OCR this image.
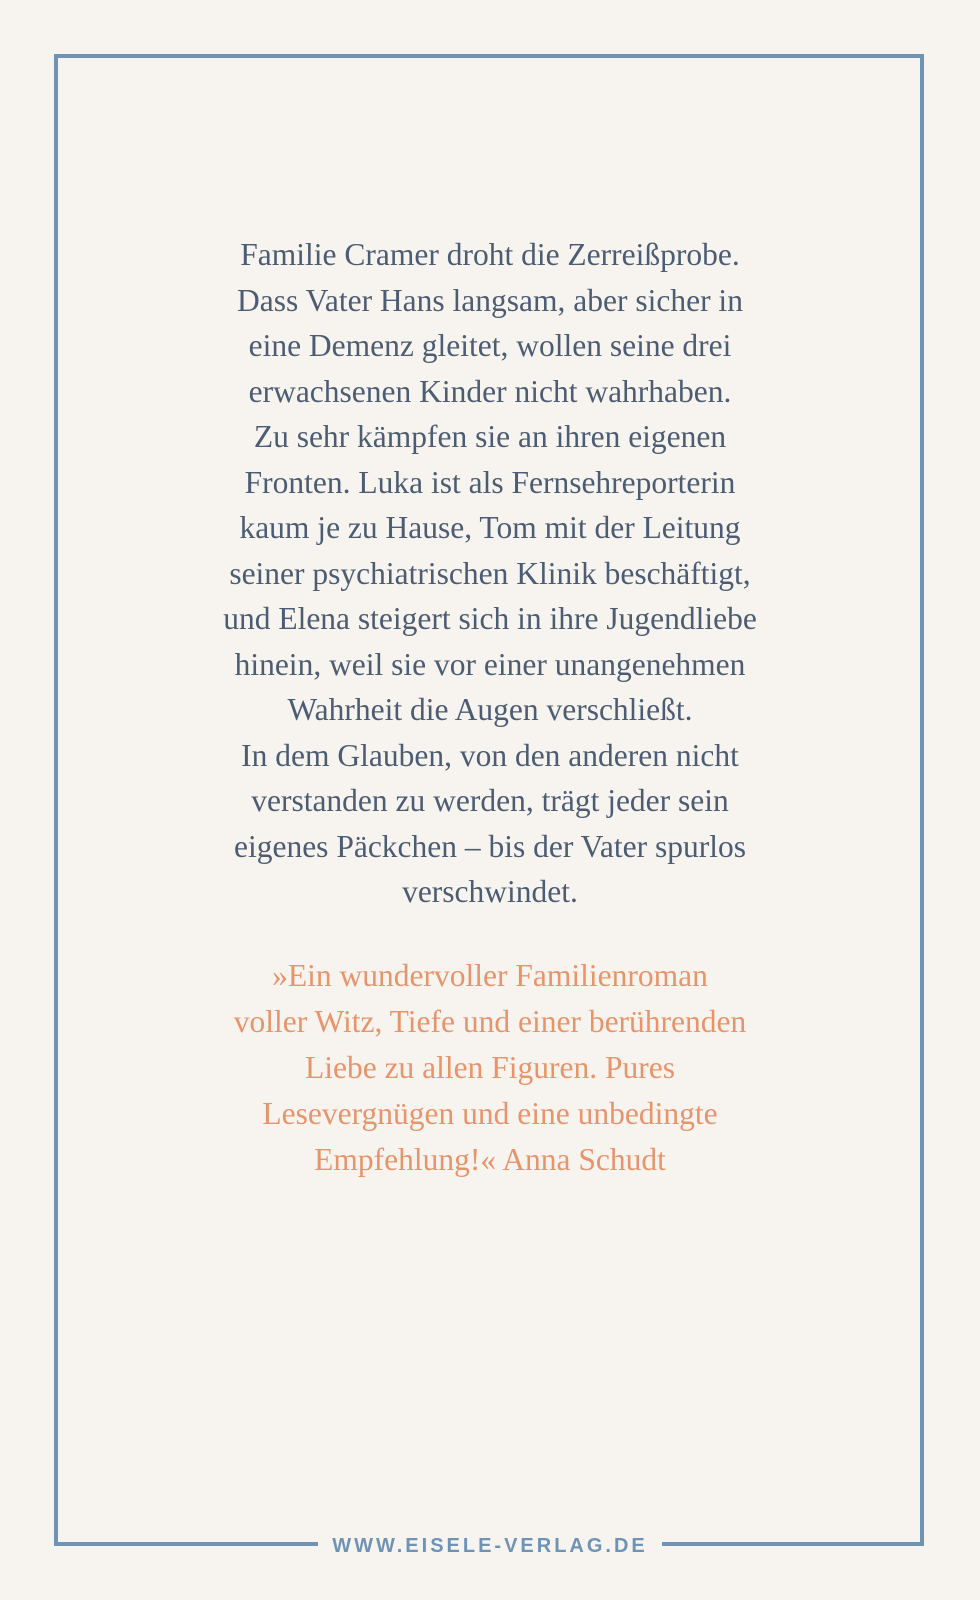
Familie Cramer droht die Zerreißprobe.
Dass Vater Hans langsam, aber sicher in
eine Demenz gleitet, wollen seine drei
erwachsenen Kinder nicht wahrhaben.
Zu sehr kämpfen sie an ihren eigenen
Fronten. Luka ist als Fernsehreporterin
kaum je zu Hause, Tom mit der Leitung
seiner psychiatrischen Klinik beschäftigt,
und Elena steigert sich in ihre Jugendliebe
hinein, weil sie vor einer unangenehmen
Wahrheit die Augen verschließt.
In dem Glauben, von den anderen nicht
verstanden zu werden, trägt jeder sein
eigenes Päckchen – bis der Vater spurlos
verschwindet.

»Ein wundervoller Familienroman
voller Witz, Tiefe und einer berührenden
Liebe zu allen Figuren. Pures
Lesevergnügen und eine unbedingte
Empfehlung!« Anna Schudt

WWW.EISELE-VERLAG.DE
